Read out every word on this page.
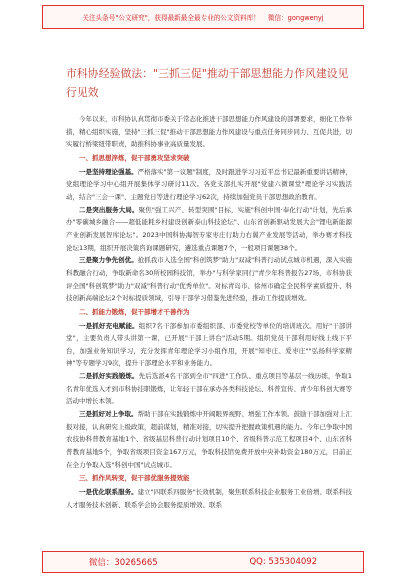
关注头条号"公文研究"，获得最新最全最专业的公文资料库！ 微信：gongwenyj
市科协经验做法："三抓三促"推动干部思想能力作风建设见行见效

今年以来，市科协认真贯彻市委关于常态化推进干部思想能力作风建设的部署要求，细化工作举措，精心组织实施，坚持"三抓三促"推动干部思想能力作风建设与重点任务同步同力、互促共进，切实履行桥梁纽带职责，助推科协事业高质量发展。

一、抓思想淬炼，促干部勇攻坚求突破

一是坚持理论强基。严格落实"第一议题"制度，及时跟进学习习近平总书记最新重要讲话精神，党组理论学习中心组开展集体学习研讨11次。各党支部扎实开展"党建六微课堂"理论学习实践活动，结合"三会一课"、主题党日等进行理论学习62次，持续加强党员干部思想政治教育。

二是突出服务大局。聚焦"强工兴产、转型突围"目标，实施"科创中国·奉化行动"计划，先后承办"零碳城乡融合——超低能耗乡村建设创新泰山科技论坛"、山东省创新驱动发展大会"锂电新能源产业创新发展智库论坛"。2023中国科协海智专家枣庄行助力右翼产业发展等活动，举办赛才科技论坛13期，组织开展决策咨询课题研究，遴选重点课题7个，一般项目课题38个。

三是聚力争先创优。抢抓我市入选全国"科创筑梦"助力"双减"科普行动试点城市机遇，深入实施科教融合行动，争取新命名30所校园科技馆，举办"与科学家同行"青少年科普报告27场，市科协获评全国"科创筑梦"助力"双减"科普行动"优秀单位"。对标青岛市、徐州市确定全民科学素质提升、科技创新高端论坛2个对标提质领域，引导干部学习借鉴先进经验，推动工作提质增效。

二、抓能力锻炼，促干部增才干善作为

一是抓好充电赋能。组织7名干部参加市委组织部、市委党校等单位的培训班次。用好"干部讲堂"，主要负责人带头讲第一课，已开展"干部上讲台"活动5期。组织党员干部利用好线上线下平台，加强业务知识学习，充分发挥青年理论学习小组作用，开展"知枣庄、爱枣庄""弘扬科学家精神"等专题学习9次，提升干部理论水平和业务能力。

二是抓好实践锻炼。先后选派4名干部到全市"四进"工作队、重点项目等基层一线历练，争取1名青年优选入才到市科协挂职锻炼，让年轻干部在承办各类科技论坛、科普宣传、青少年科创大赛等活动中增长本领。

三是抓好对上争取。帮助干部在实践锻炼中开阔眼界视野、增强工作本领。鼓励干部加强对上汇报对接，认真研究上级政策，超前谋划，精准对接，切实提升把握政策机遇的能力。今年已争取中国农技协科普教育基地1个、省级基层科普行动计划项目10个、省级科普示范工程项目4个、山东省科普教育基地5个，争取省级项目资金167万元，争取科技馆免费开放中央补助资金180万元，目前正在全力争取入选"科创中国"试点城市。

三、抓作风转变，促干部优服务提效能

一是优化联系服务。建立"四联系四服务"长效机制，聚焦联系科技企业服务工业倍增、联系科技人才服务技术创新、联系学会协会服务提质增效、联系

微信：30265665	QQ: 535304092
